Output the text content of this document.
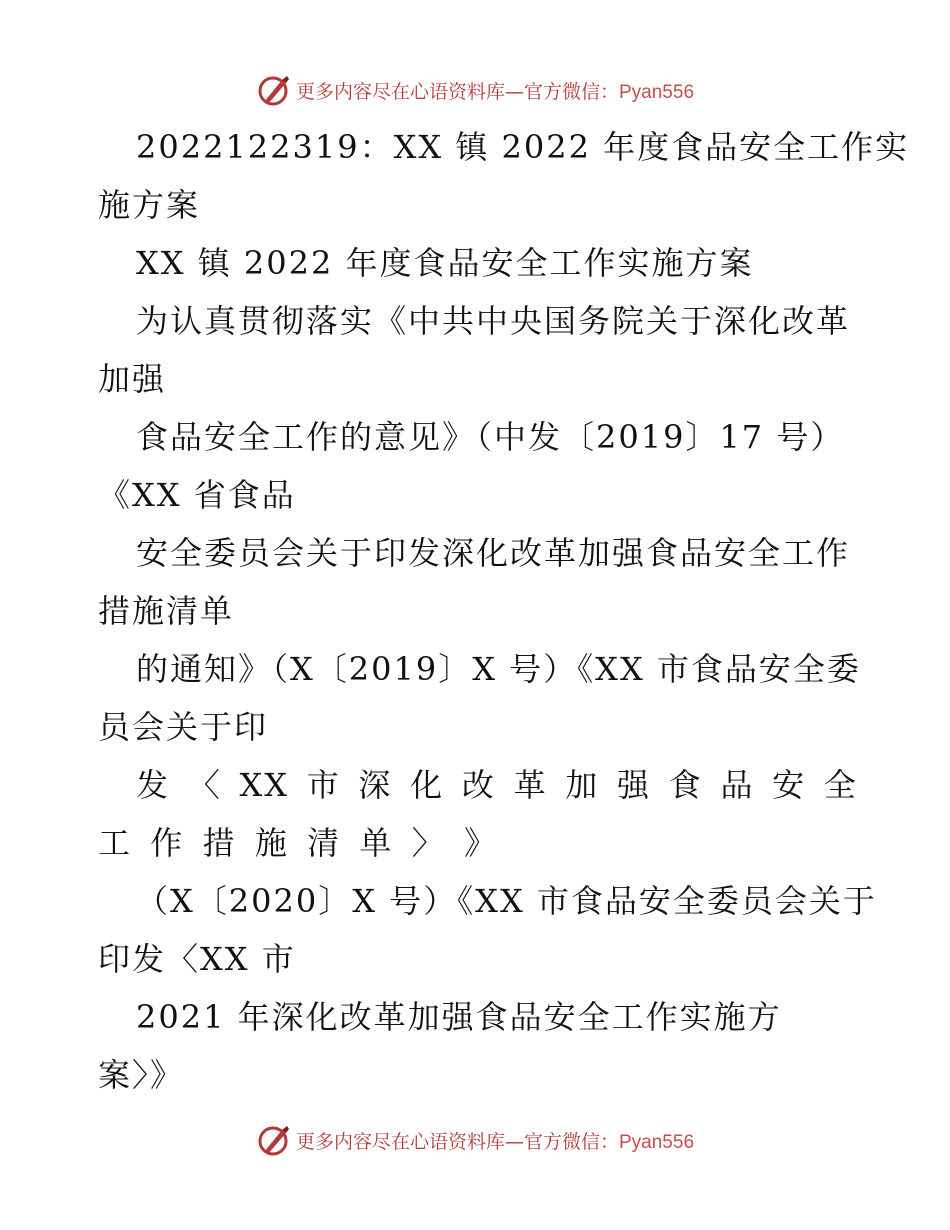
更多内容尽在心语资料库—官方微信：Pyan556
2022122319：XX 镇 2022 年度食品安全工作实
施方案
XX 镇 2022 年度食品安全工作实施方案
为认真贯彻落实《中共中央国务院关于深化改革
加强
食品安全工作的意见》（中发〔2019〕17 号）
《XX 省食品
安全委员会关于印发深化改革加强食品安全工作
措施清单
的通知》（X〔2019〕X 号）《XX 市食品安全委
员会关于印
发 〈 XX 市 深 化 改 革 加 强 食 品 安 全
工 作 措 施 清 单 〉 》
（X〔2020〕X 号）《XX 市食品安全委员会关于
印发〈XX 市
2021 年深化改革加强食品安全工作实施方
案〉》
更多内容尽在心语资料库—官方微信：Pyan556
